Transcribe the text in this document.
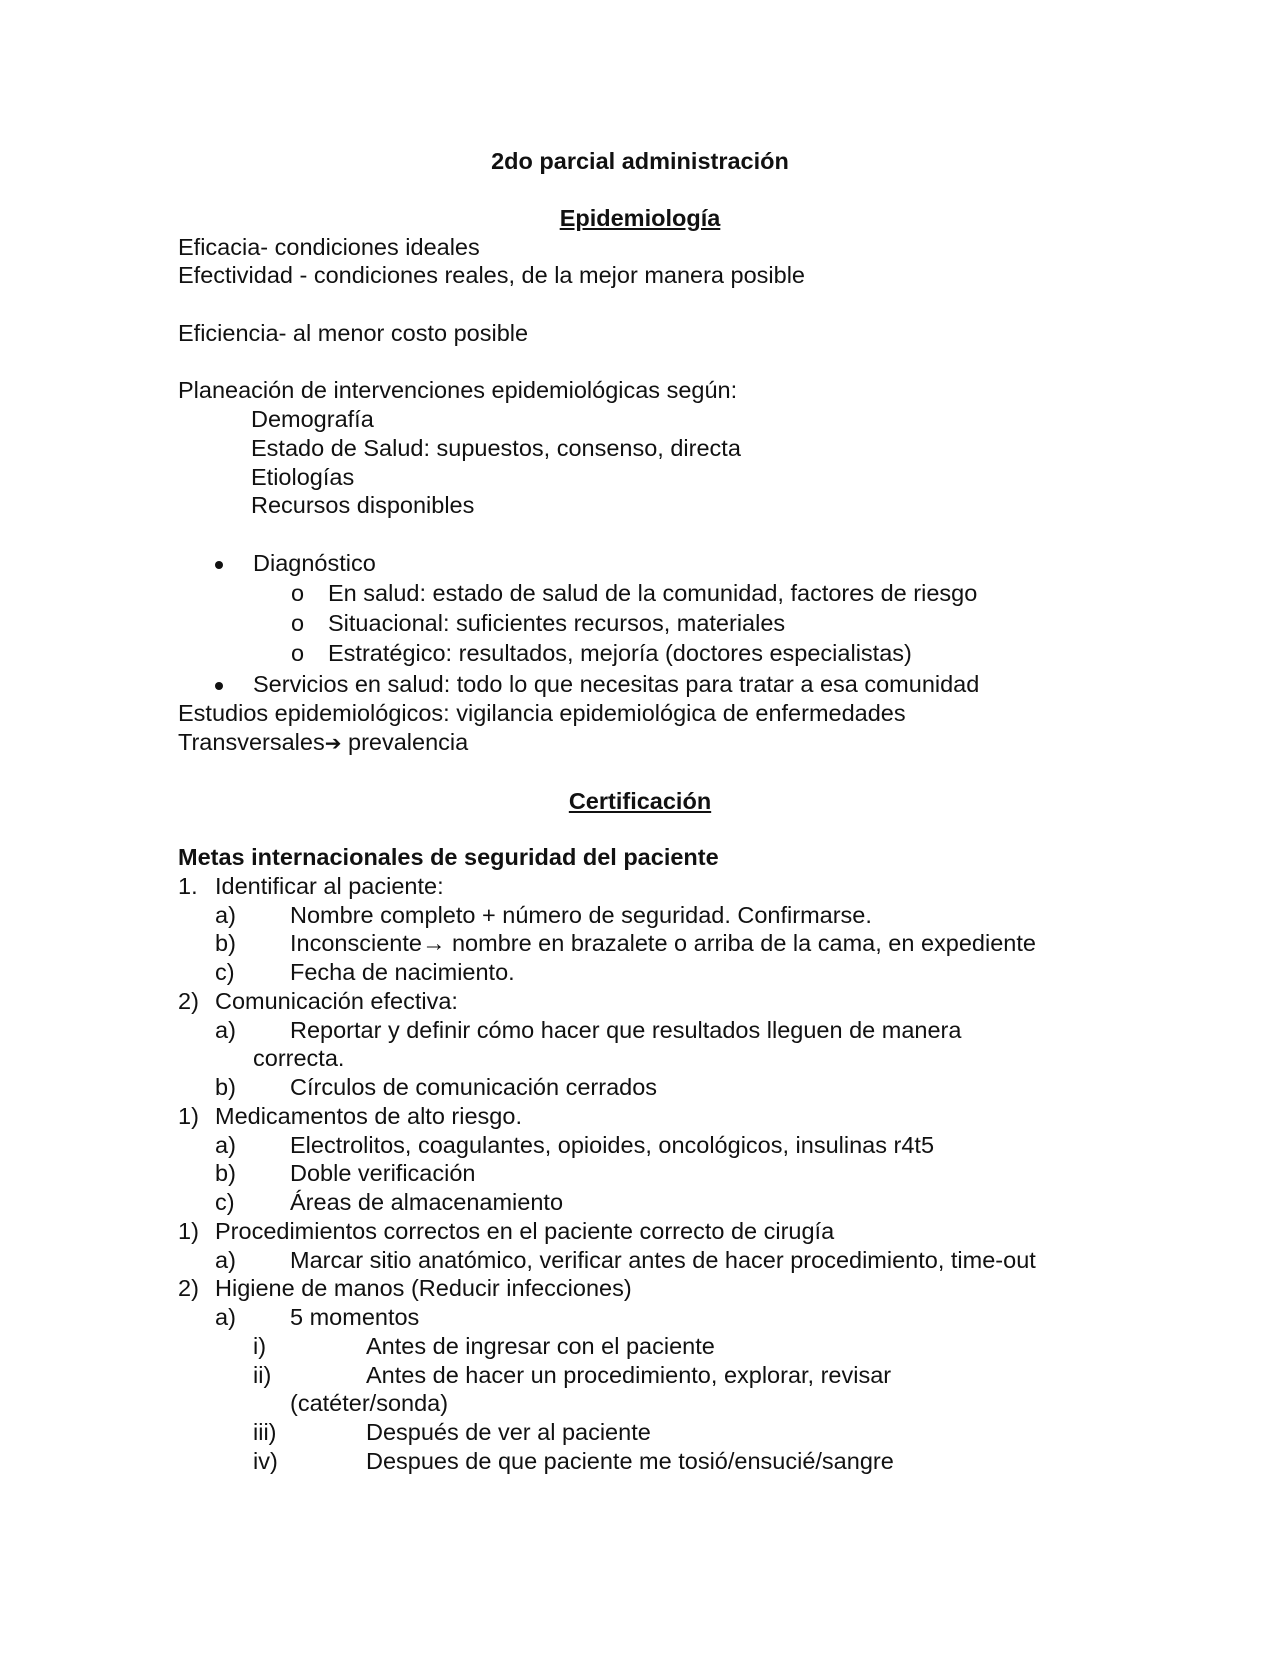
2do parcial administración
Epidemiología
Eficacia- condiciones ideales
Efectividad - condiciones reales, de la mejor manera posible
Eficiencia- al menor costo posible
Planeación de intervenciones epidemiológicas según:
Demografía
Estado de Salud: supuestos, consenso, directa
Etiologías
Recursos disponibles
Diagnóstico
o En salud: estado de salud de la comunidad, factores de riesgo
o Situacional: suficientes recursos, materiales
o Estratégico: resultados, mejoría (doctores especialistas)
Servicios en salud: todo lo que necesitas para tratar a esa comunidad
Estudios epidemiológicos: vigilancia epidemiológica de enfermedades
Transversales➔ prevalencia
Certificación
Metas internacionales de seguridad del paciente
1. Identificar al paciente:
a) Nombre completo + número de seguridad. Confirmarse.
b) Inconsciente→ nombre en brazalete o arriba de la cama, en expediente
c) Fecha de nacimiento.
2) Comunicación efectiva:
a) Reportar y definir cómo hacer que resultados lleguen de manera
correcta.
b) Círculos de comunicación cerrados
1) Medicamentos de alto riesgo.
a) Electrolitos, coagulantes, opioides, oncológicos, insulinas r4t5
b) Doble verificación
c) Áreas de almacenamiento
1) Procedimientos correctos en el paciente correcto de cirugía
a) Marcar sitio anatómico, verificar antes de hacer procedimiento, time-out
2) Higiene de manos (Reducir infecciones)
a) 5 momentos
i)	Antes de ingresar con el paciente
ii)	Antes de hacer un procedimiento, explorar, revisar
(catéter/sonda)
iii)	Después de ver al paciente
iv)	Despues de que paciente me tosió/ensucié/sangre
